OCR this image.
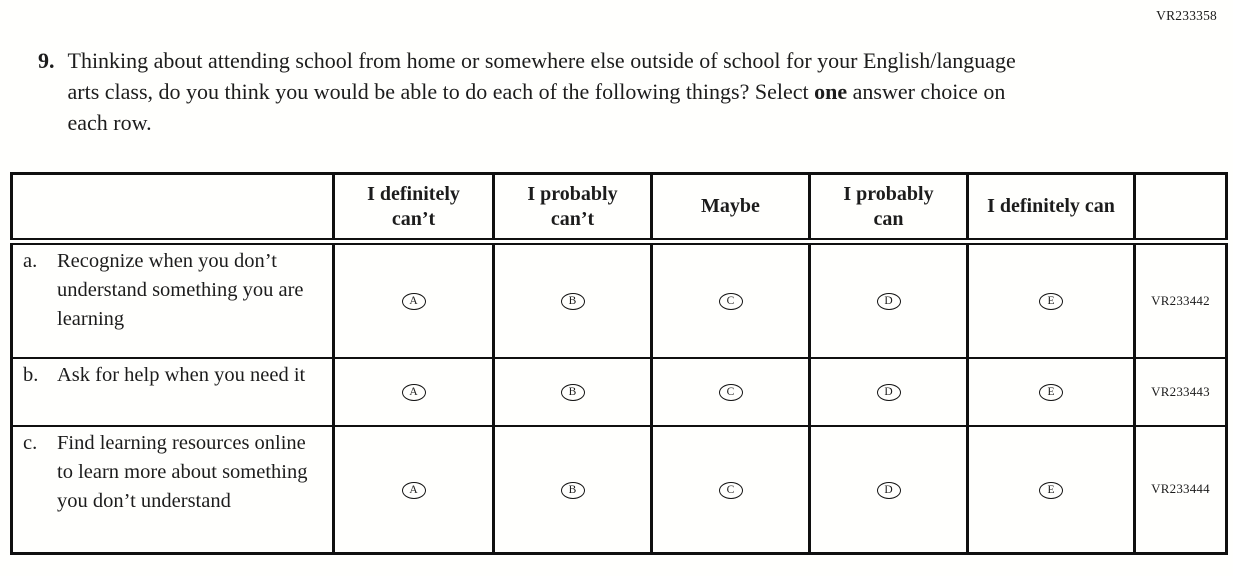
VR233358
9. Thinking about attending school from home or somewhere else outside of school for your English/language arts class, do you think you would be able to do each of the following things? Select one answer choice on each row.
	I definitely can’t	I probably can’t	Maybe	I probably can	I definitely can	

a. Recognize when you don’t understand something you are learning	A	B	C	D	E	VR233442

b. Ask for help when you need it	A	B	C	D	E	VR233443

c. Find learning resources online to learn more about something you don’t understand	A	B	C	D	E	VR233444
